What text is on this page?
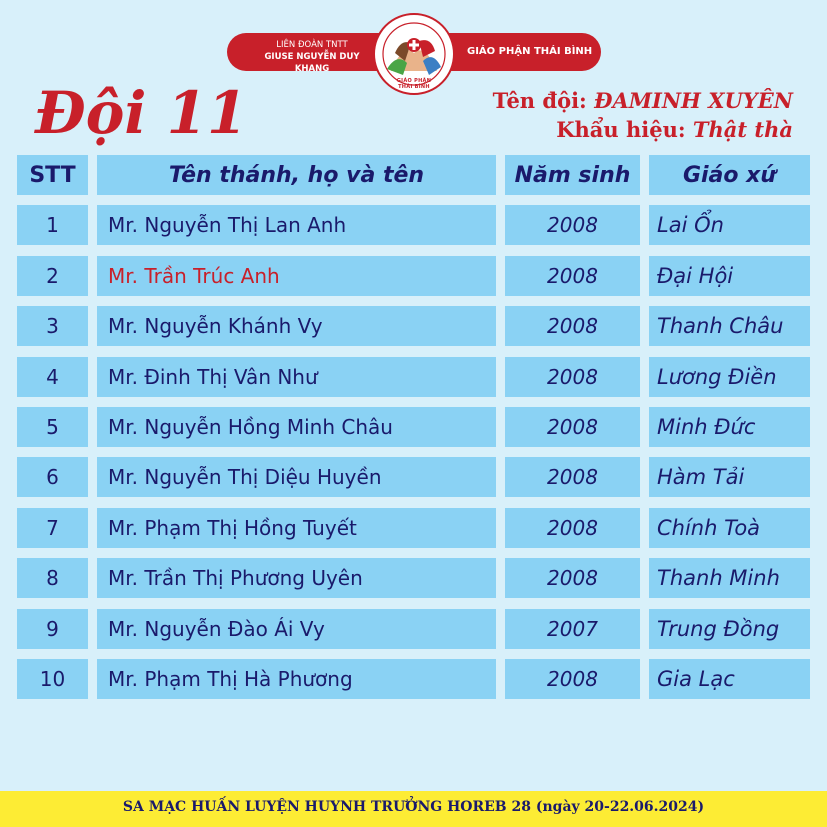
LIÊN ĐOÀN TNTT
GIUSE NGUYỄN DUY KHANG
GIÁO PHẬN THÁI BÌNH
GIÁO PHẬN THÁI BÌNH
Đội 11	Tên đội: ĐAMINH XUYÊN
Khẩu hiệu: Thật thà
STT	Tên thánh, họ và tên	Năm sinh	Giáo xứ
1	Mr. Nguyễn Thị Lan Anh	2008	Lai Ổn
2	Mr. Trần Trúc Anh	2008	Đại Hội
3	Mr. Nguyễn Khánh Vy	2008	Thanh Châu
4	Mr. Đinh Thị Vân Như	2008	Lương Điền
5	Mr. Nguyễn Hồng Minh Châu	2008	Minh Đức
6	Mr. Nguyễn Thị Diệu Huyền	2008	Hàm Tải
7	Mr. Phạm Thị Hồng Tuyết	2008	Chính Toà
8	Mr. Trần Thị Phương Uyên	2008	Thanh Minh
9	Mr. Nguyễn Đào Ái Vy	2007	Trung Đồng
10	Mr. Phạm Thị Hà Phương	2008	Gia Lạc
SA MẠC HUẤN LUYỆN HUYNH TRƯỞNG HOREB 28 (ngày 20-22.06.2024)
